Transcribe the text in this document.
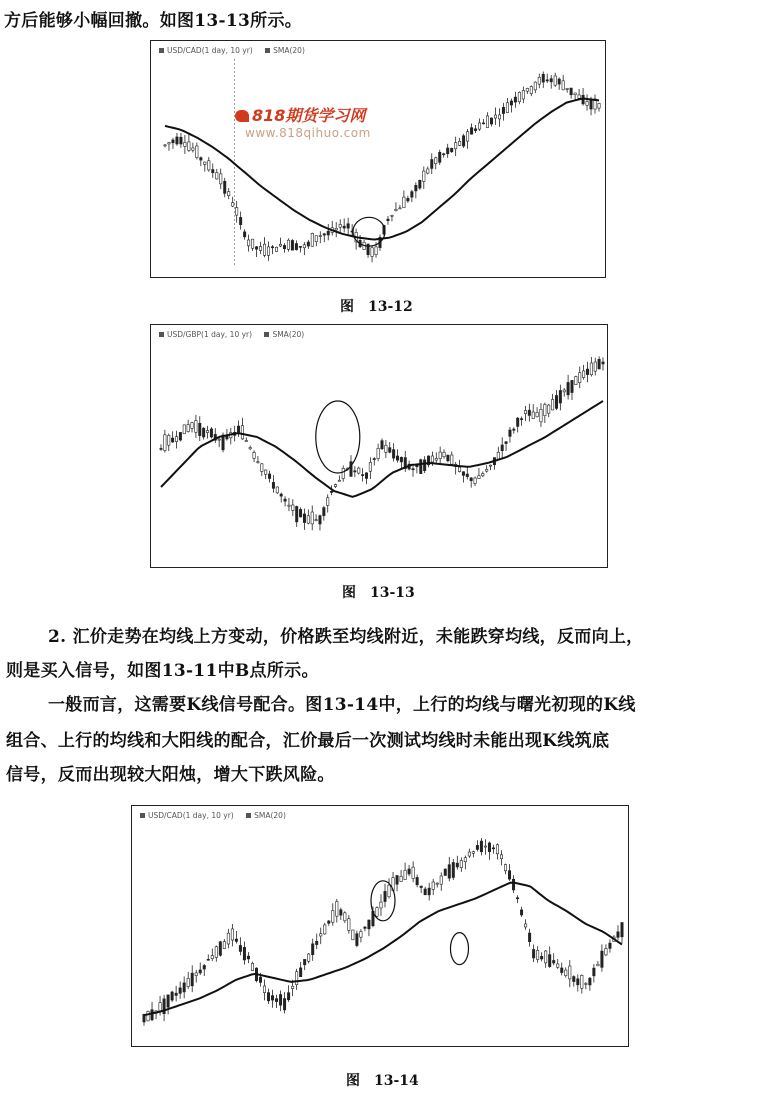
方后能够小幅回撤。如图13-13所示。
USD/CAD(1 day, 10 yr)	SMA(20)
818期货学习网
www.818qihuo.com
图　13-12
USD/GBP(1 day, 10 yr)	SMA(20)
图　13-13
2. 汇价走势在均线上方变动，价格跌至均线附近，未能跌穿均线，反而向上，
则是买入信号，如图13-11中B点所示。
一般而言，这需要K线信号配合。图13-14中，上行的均线与曙光初现的K线
组合、上行的均线和大阳线的配合，汇价最后一次测试均线时未能出现K线筑底
信号，反而出现较大阳烛，增大下跌风险。
USD/CAD(1 day, 10 yr)	SMA(20)
图　13-14
